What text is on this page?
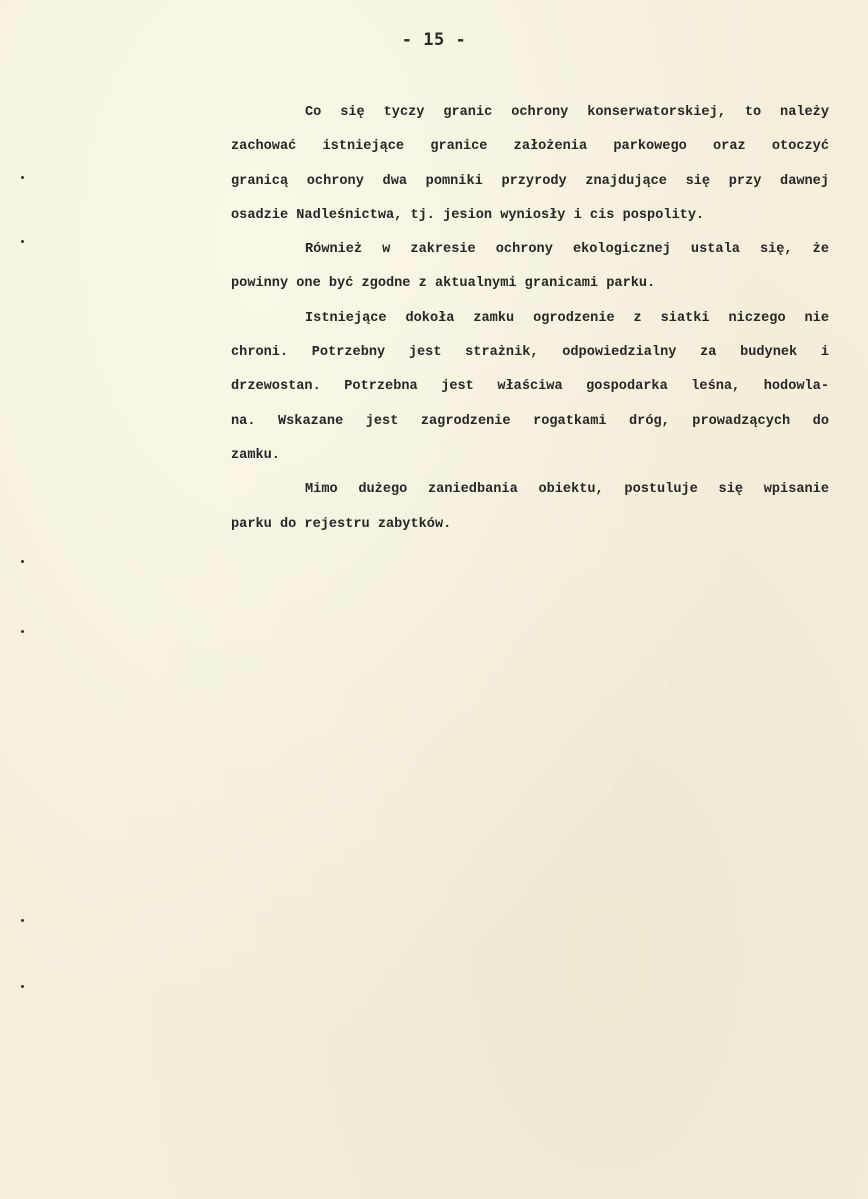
- 15 -
Co się tyczy granic ochrony konserwatorskiej, to należy
zachować istniejące granice założenia parkowego oraz otoczyć
granicą ochrony dwa pomniki przyrody znajdujące się przy dawnej
osadzie Nadleśnictwa, tj. jesion wyniosły i cis pospolity.
Również w zakresie ochrony ekologicznej ustala się, że
powinny one być zgodne z aktualnymi granicami parku.
Istniejące dokoła zamku ogrodzenie z siatki niczego nie
chroni. Potrzebny jest strażnik, odpowiedzialny za budynek i
drzewostan. Potrzebna jest właściwa gospodarka leśna, hodowla-
na. Wskazane jest zagrodzenie rogatkami dróg, prowadzących do
zamku.
Mimo dużego zaniedbania obiektu, postuluje się wpisanie
parku do rejestru zabytków.
